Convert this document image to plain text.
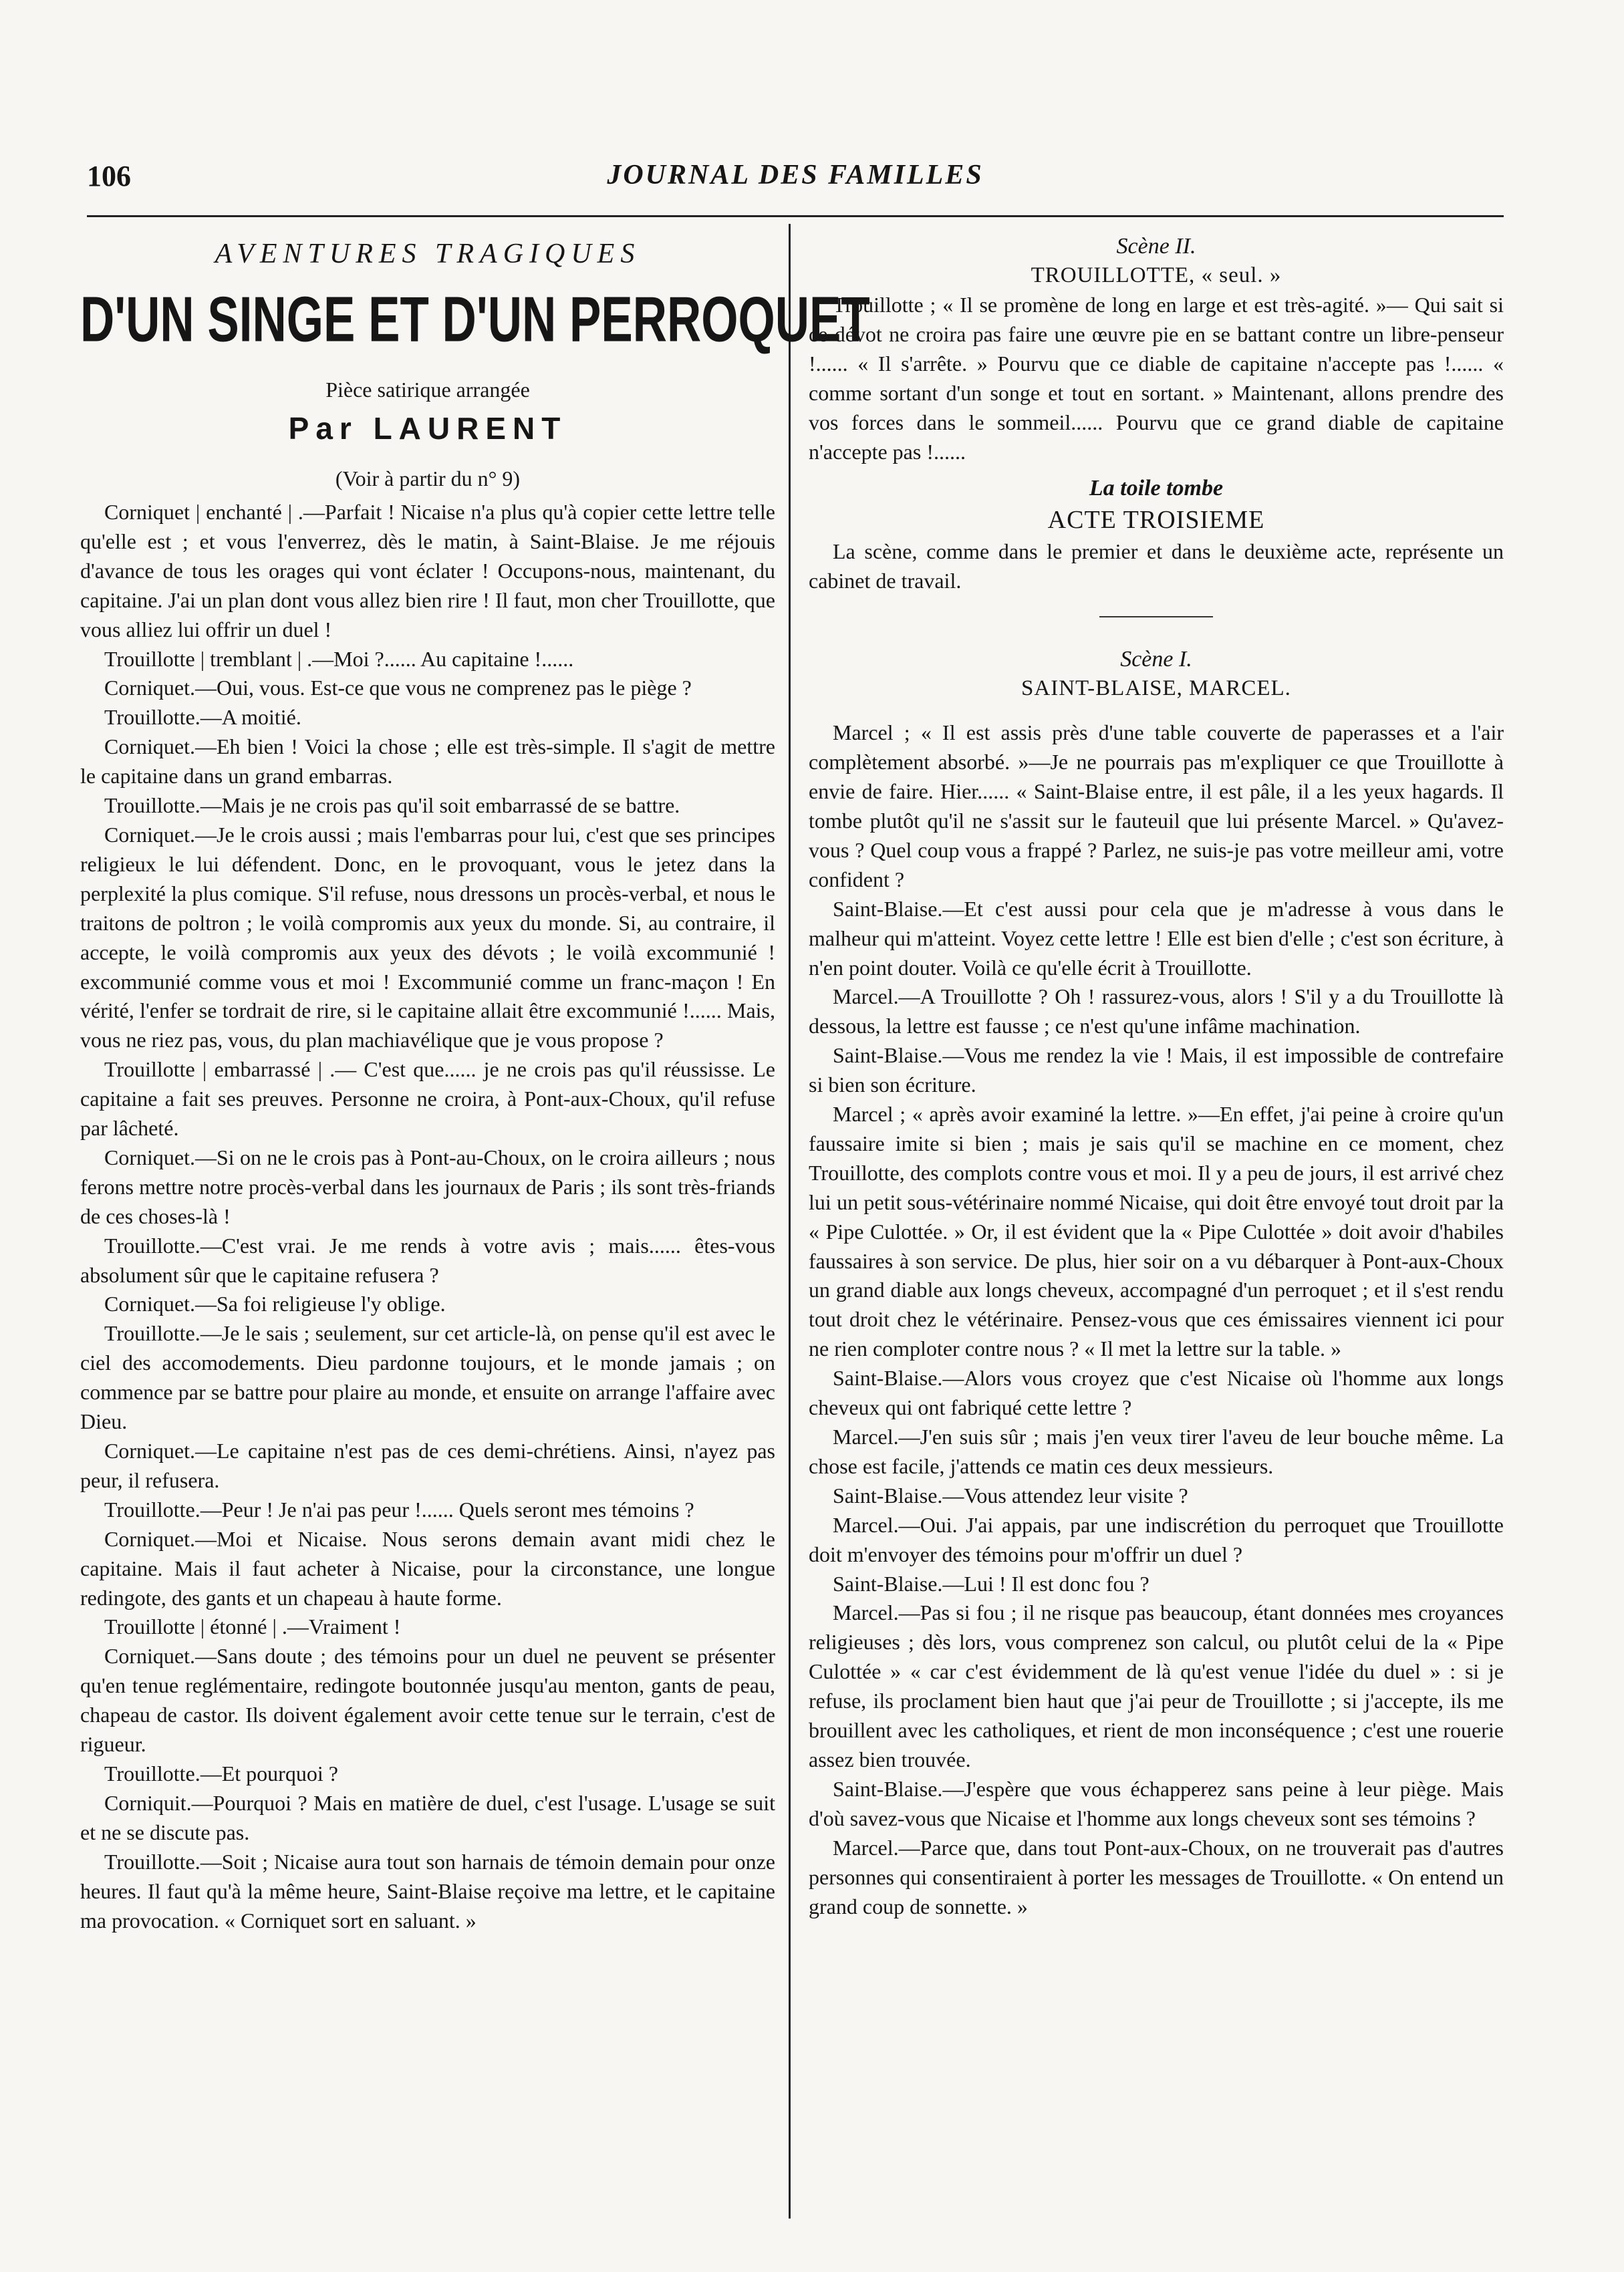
106	JOURNAL DES FAMILLES
AVENTURES TRAGIQUES
D'UN SINGE ET D'UN PERROQUET
Pièce satirique arrangée
Par LAURENT
(Voir à partir du n° 9)

Corniquet | enchanté | .—Parfait ! Nicaise n'a plus qu'à copier cette lettre telle qu'elle est ; et vous l'enverrez, dès le matin, à Saint-Blaise. Je me réjouis d'avance de tous les orages qui vont éclater ! Occupons-nous, maintenant, du capitaine. J'ai un plan dont vous allez bien rire ! Il faut, mon cher Trouillotte, que vous alliez lui offrir un duel !

Trouillotte | tremblant | .—Moi ?...... Au capitaine !......

Corniquet.—Oui, vous. Est-ce que vous ne comprenez pas le piège ?

Trouillotte.—A moitié.

Corniquet.—Eh bien ! Voici la chose ; elle est très-simple. Il s'agit de mettre le capitaine dans un grand embarras.

Trouillotte.—Mais je ne crois pas qu'il soit embarrassé de se battre.

Corniquet.—Je le crois aussi ; mais l'embarras pour lui, c'est que ses principes religieux le lui défendent. Donc, en le provoquant, vous le jetez dans la perplexité la plus comique. S'il refuse, nous dressons un procès-verbal, et nous le traitons de poltron ; le voilà compromis aux yeux du monde. Si, au contraire, il accepte, le voilà compromis aux yeux des dévots ; le voilà excommunié ! excommunié comme vous et moi ! Excommunié comme un franc-maçon ! En vérité, l'enfer se tordrait de rire, si le capitaine allait être excommunié !...... Mais, vous ne riez pas, vous, du plan machiavélique que je vous propose ?

Trouillotte | embarrassé | .— C'est que...... je ne crois pas qu'il réussisse. Le capitaine a fait ses preuves. Personne ne croira, à Pont-aux-Choux, qu'il refuse par lâcheté.

Corniquet.—Si on ne le crois pas à Pont-au-Choux, on le croira ailleurs ; nous ferons mettre notre procès-verbal dans les journaux de Paris ; ils sont très-friands de ces choses-là !

Trouillotte.—C'est vrai. Je me rends à votre avis ; mais...... êtes-vous absolument sûr que le capitaine refusera ?

Corniquet.—Sa foi religieuse l'y oblige.

Trouillotte.—Je le sais ; seulement, sur cet article-là, on pense qu'il est avec le ciel des accomodements. Dieu pardonne toujours, et le monde jamais ; on commence par se battre pour plaire au monde, et ensuite on arrange l'affaire avec Dieu.

Corniquet.—Le capitaine n'est pas de ces demi-chrétiens. Ainsi, n'ayez pas peur, il refusera.

Trouillotte.—Peur ! Je n'ai pas peur !...... Quels seront mes témoins ?

Corniquet.—Moi et Nicaise. Nous serons demain avant midi chez le capitaine. Mais il faut acheter à Nicaise, pour la circonstance, une longue redingote, des gants et un chapeau à haute forme.

Trouillotte | étonné | .—Vraiment !

Corniquet.—Sans doute ; des témoins pour un duel ne peuvent se présenter qu'en tenue reglémentaire, redingote boutonnée jusqu'au menton, gants de peau, chapeau de castor. Ils doivent également avoir cette tenue sur le terrain, c'est de rigueur.

Trouillotte.—Et pourquoi ?

Corniquit.—Pourquoi ? Mais en matière de duel, c'est l'usage. L'usage se suit et ne se discute pas.

Trouillotte.—Soit ; Nicaise aura tout son harnais de témoin demain pour onze heures. Il faut qu'à la même heure, Saint-Blaise reçoive ma lettre, et le capitaine ma provocation. « Corniquet sort en saluant. »

Scène II.
TROUILLOTTE, « seul. »

Trouillotte ; « Il se promène de long en large et est très-agité. »— Qui sait si ce dévot ne croira pas faire une œuvre pie en se battant contre un libre-penseur !...... « Il s'arrête. » Pourvu que ce diable de capitaine n'accepte pas !...... « comme sortant d'un songe et tout en sortant. » Maintenant, allons prendre des vos forces dans le sommeil...... Pourvu que ce grand diable de capitaine n'accepte pas !......

La toile tombe
ACTE TROISIEME

La scène, comme dans le premier et dans le deuxième acte, représente un cabinet de travail.

Scène I.
SAINT-BLAISE, MARCEL.

Marcel ; « Il est assis près d'une table couverte de paperasses et a l'air complètement absorbé. »—Je ne pourrais pas m'expliquer ce que Trouillotte à envie de faire. Hier...... « Saint-Blaise entre, il est pâle, il a les yeux hagards. Il tombe plutôt qu'il ne s'assit sur le fauteuil que lui présente Marcel. » Qu'avez-vous ? Quel coup vous a frappé ? Parlez, ne suis-je pas votre meilleur ami, votre confident ?

Saint-Blaise.—Et c'est aussi pour cela que je m'adresse à vous dans le malheur qui m'atteint. Voyez cette lettre ! Elle est bien d'elle ; c'est son écriture, à n'en point douter. Voilà ce qu'elle écrit à Trouillotte.

Marcel.—A Trouillotte ? Oh ! rassurez-vous, alors ! S'il y a du Trouillotte là dessous, la lettre est fausse ; ce n'est qu'une infâme machination.

Saint-Blaise.—Vous me rendez la vie ! Mais, il est impossible de contrefaire si bien son écriture.

Marcel ; « après avoir examiné la lettre. »—En effet, j'ai peine à croire qu'un faussaire imite si bien ; mais je sais qu'il se machine en ce moment, chez Trouillotte, des complots contre vous et moi. Il y a peu de jours, il est arrivé chez lui un petit sous-vétérinaire nommé Nicaise, qui doit être envoyé tout droit par la « Pipe Culottée. » Or, il est évident que la « Pipe Culottée » doit avoir d'habiles faussaires à son service. De plus, hier soir on a vu débarquer à Pont-aux-Choux un grand diable aux longs cheveux, accompagné d'un perroquet ; et il s'est rendu tout droit chez le vétérinaire. Pensez-vous que ces émissaires viennent ici pour ne rien comploter contre nous ? « Il met la lettre sur la table. »

Saint-Blaise.—Alors vous croyez que c'est Nicaise où l'homme aux longs cheveux qui ont fabriqué cette lettre ?

Marcel.—J'en suis sûr ; mais j'en veux tirer l'aveu de leur bouche même. La chose est facile, j'attends ce matin ces deux messieurs.

Saint-Blaise.—Vous attendez leur visite ?

Marcel.—Oui. J'ai appais, par une indiscrétion du perroquet que Trouillotte doit m'envoyer des témoins pour m'offrir un duel ?

Saint-Blaise.—Lui ! Il est donc fou ?

Marcel.—Pas si fou ; il ne risque pas beaucoup, étant données mes croyances religieuses ; dès lors, vous comprenez son calcul, ou plutôt celui de la « Pipe Culottée » « car c'est évidemment de là qu'est venue l'idée du duel » : si je refuse, ils proclament bien haut que j'ai peur de Trouillotte ; si j'accepte, ils me brouillent avec les catholiques, et rient de mon inconséquence ; c'est une rouerie assez bien trouvée.

Saint-Blaise.—J'espère que vous échapperez sans peine à leur piège. Mais d'où savez-vous que Nicaise et l'homme aux longs cheveux sont ses témoins ?

Marcel.—Parce que, dans tout Pont-aux-Choux, on ne trouverait pas d'autres personnes qui consentiraient à porter les messages de Trouillotte. « On entend un grand coup de sonnette. »
